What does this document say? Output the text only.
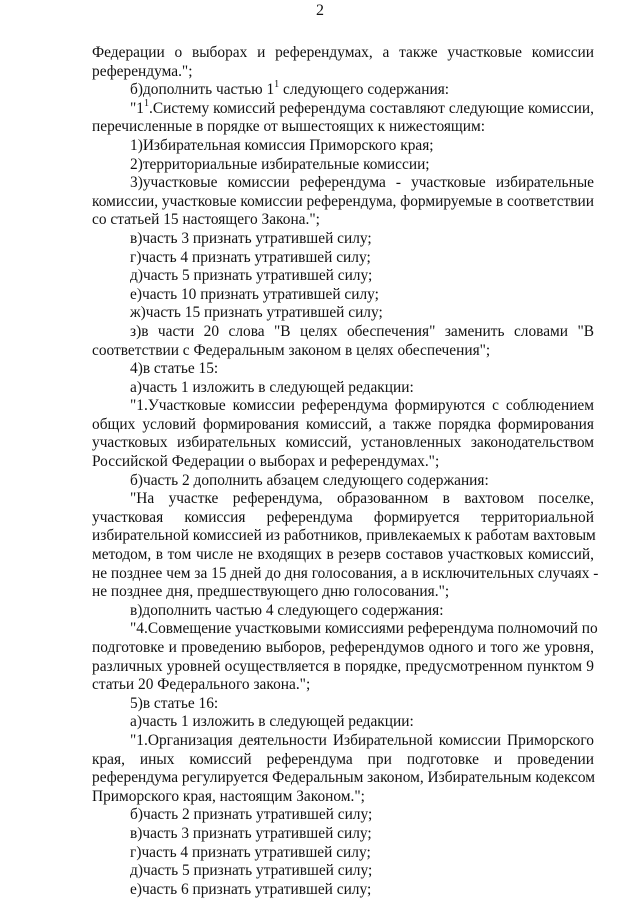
2
Федерации о выборах и референдумах, а также участковые комиссии
референдума.";
б)дополнить частью $1^1$ следующего содержания:
"$1^1.Систему$ комиссий референдума составляют следующие комиссии,
перечисленные в порядке от вышестоящих к нижестоящим:
1)Избирательная комиссия Приморского края;
2)территориальные избирательные комиссии;
3)участковые комиссии референдума - участковые избирательные
комиссии, участковые комиссии референдума, формируемые в соответствии
со статьей 15 настоящего Закона.";
в)часть 3 признать утратившей силу;
г)часть 4 признать утратившей силу;
д)часть 5 признать утратившей силу;
е)часть 10 признать утратившей силу;
ж)часть 15 признать утратившей силу;
з)в части 20 слова "В целях обеспечения" заменить словами "В
соответствии с Федеральным законом в целях обеспечения";
4)в статье 15:
а)часть 1 изложить в следующей редакции:
"1.Участковые комиссии референдума формируются с соблюдением
общих условий формирования комиссий, а также порядка формирования
участковых избирательных комиссий, установленных законодательством
Российской Федерации о выборах и референдумах.";
б)часть 2 дополнить абзацем следующего содержания:
"На участке референдума, образованном в вахтовом поселке,
участковая комиссия референдума формируется территориальной
избирательной комиссией из работников, привлекаемых к работам вахтовым
методом, в том числе не входящих в резерв составов участковых комиссий,
не позднее чем за 15 дней до дня голосования, а в исключительных случаях -
не позднее дня, предшествующего дню голосования.";
в)дополнить частью 4 следующего содержания:
"4.Совмещение участковыми комиссиями референдума полномочий по
подготовке и проведению выборов, референдумов одного и того же уровня,
различных уровней осуществляется в порядке, предусмотренном пунктом 9
статьи 20 Федерального закона.";
5)в статье 16:
а)часть 1 изложить в следующей редакции:
"1.Организация деятельности Избирательной комиссии Приморского
края, иных комиссий референдума при подготовке и проведении
референдума регулируется Федеральным законом, Избирательным кодексом
Приморского края, настоящим Законом.";
б)часть 2 признать утратившей силу;
в)часть 3 признать утратившей силу;
г)часть 4 признать утратившей силу;
д)часть 5 признать утратившей силу;
е)часть 6 признать утратившей силу;
